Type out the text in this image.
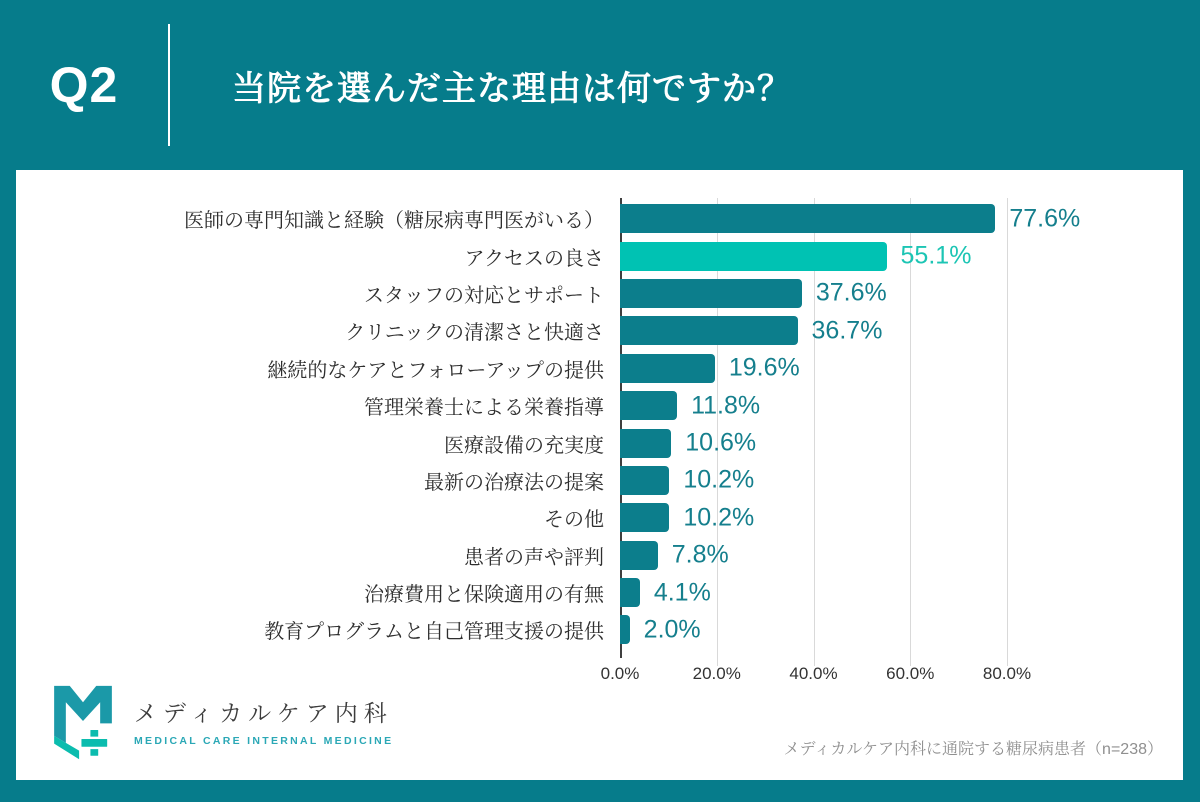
Q2	当院を選んだ主な理由は何ですか？
医師の専門知識と経験（糖尿病専門医がいる）	77.6%
アクセスの良さ	55.1%
スタッフの対応とサポート	37.6%
クリニックの清潔さと快適さ	36.7%
継続的なケアとフォローアップの提供	19.6%
管理栄養士による栄養指導	11.8%
医療設備の充実度	10.6%
最新の治療法の提案	10.2%
その他	10.2%
患者の声や評判	7.8%
治療費用と保険適用の有無 4.1%
教育プログラムと自己管理支援の提供 2.0%
0.0%	20.0%	40.0%	60.0%	80.0%
メディカルケア内科
MEDICAL CARE INTERNAL MEDICINE	メディカルケア内科に通院する糖尿病患者（n=238）
